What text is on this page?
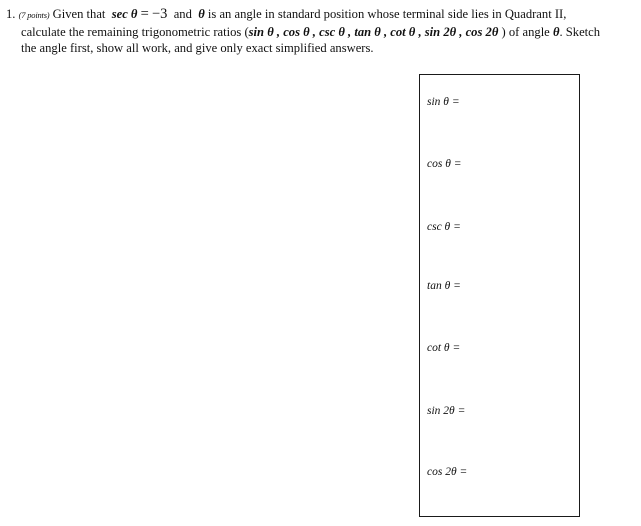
1. (7 points) Given that sec θ = −3 and θ is an angle in standard position whose terminal side lies in Quadrant II,
calculate the remaining trigonometric ratios (sin θ , cos θ , csc θ , tan θ , cot θ , sin 2θ , cos 2θ ) of angle θ. Sketch
the angle first, show all work, and give only exact simplified answers.
sin θ =
cos θ =
csc θ =
tan θ =
cot θ =
sin 2θ =
cos 2θ =
